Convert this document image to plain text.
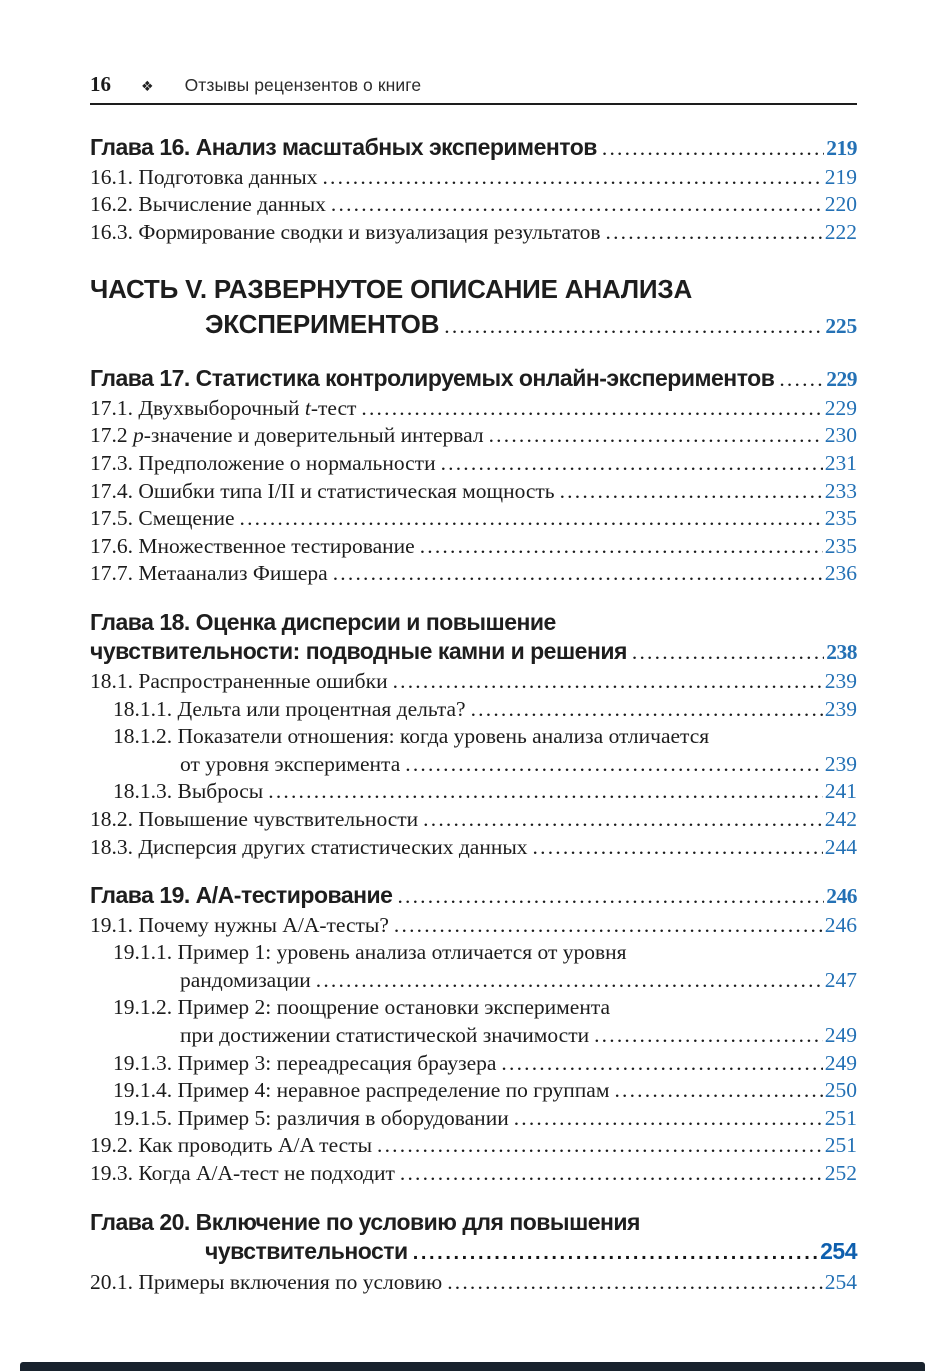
16 ❖ Отзывы рецензентов о книге
Глава 16. Анализ масштабных экспериментов .....	219
16.1. Подготовка данных .....	219
16.2. Вычисление данных .....	220
16.3. Формирование сводки и визуализация результатов .....	222
ЧАСТЬ V. РАЗВЕРНУТОЕ ОПИСАНИЕ АНАЛИЗА
ЭКСПЕРИМЕНТОВ .....	225
Глава 17. Статистика контролируемых онлайн-экспериментов ..... 229
17.1. Двухвыборочный t-тест .....	229
17.2 p-значение и доверительный интервал .....	230
17.3. Предположение о нормальности .....	231
17.4. Ошибки типа I/II и статистическая мощность .....	233
17.5. Смещение .....	235
17.6. Множественное тестирование .....	235
17.7. Метаанализ Фишера .....	236
Глава 18. Оценка дисперсии и повышение
чувствительности: подводные камни и решения .....	238
18.1. Распространенные ошибки .....	239
18.1.1. Дельта или процентная дельта? .....	239
18.1.2. Показатели отношения: когда уровень анализа отличается
от уровня эксперимента .....	239
18.1.3. Выбросы .....	241
18.2. Повышение чувствительности .....	242
18.3. Дисперсия других статистических данных .....	244
Глава 19. A/A-тестирование .....	246
19.1. Почему нужны A/A-тесты? .....	246
19.1.1. Пример 1: уровень анализа отличается от уровня
рандомизации .....	247
19.1.2. Пример 2: поощрение остановки эксперимента
при достижении статистической значимости .....	249
19.1.3. Пример 3: переадресация браузера .....	249
19.1.4. Пример 4: неравное распределение по группам .....	250
19.1.5. Пример 5: различия в оборудовании .....	251
19.2. Как проводить A/A тесты .....	251
19.3. Когда A/A-тест не подходит .....	252
Глава 20. Включение по условию для повышения
чувствительности .....	254
20.1. Примеры включения по условию .....	254
